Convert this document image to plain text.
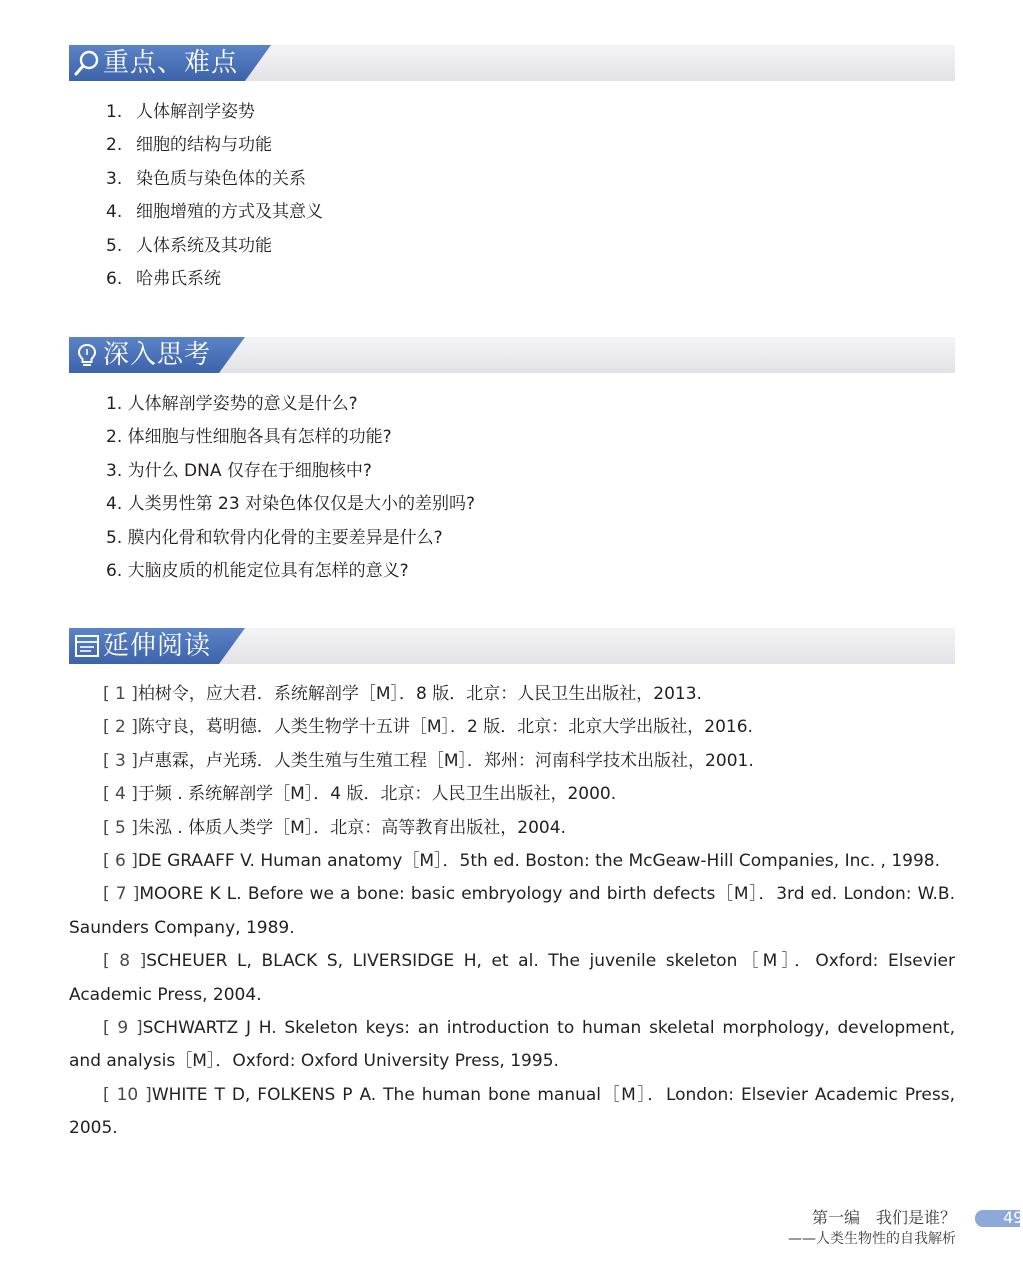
重点、难点
1. 人体解剖学姿势
2. 细胞的结构与功能
3. 染色质与染色体的关系
4. 细胞增殖的方式及其意义
5. 人体系统及其功能
6. 哈弗氏系统
深入思考
1. 人体解剖学姿势的意义是什么?
2. 体细胞与性细胞各具有怎样的功能?
3. 为什么 DNA 仅存在于细胞核中?
4. 人类男性第 23 对染色体仅仅是大小的差别吗?
5. 膜内化骨和软骨内化骨的主要差异是什么?
6. 大脑皮质的机能定位具有怎样的意义?
延伸阅读

[ 1 ]柏树令，应大君．系统解剖学［M］．8 版．北京：人民卫生出版社，2013.

[ 2 ]陈守良，葛明德．人类生物学十五讲［M］．2 版．北京：北京大学出版社，2016.

[ 3 ]卢惠霖，卢光琇．人类生殖与生殖工程［M］．郑州：河南科学技术出版社，2001.

[ 4 ]于频 . 系统解剖学［M］．4 版．北京：人民卫生出版社，2000.

[ 5 ]朱泓 . 体质人类学［M］．北京：高等教育出版社，2004.

[ 6 ]DE GRAAFF V. Human anatomy［M］．5th ed. Boston: the McGeaw-Hill Companies, Inc. , 1998.

[ 7 ]MOORE K L. Before we a bone: basic embryology and birth defects［M］．3rd ed. London: W.B. Saunders Company, 1989.

[ 8 ]SCHEUER L, BLACK S, LIVERSIDGE H, et al. The juvenile skeleton［M］．Oxford: Elsevier Academic Press, 2004.

[ 9 ]SCHWARTZ J H. Skeleton keys: an introduction to human skeletal morphology, development, and analysis［M］．Oxford: Oxford University Press, 1995.

[ 10 ]WHITE T D, FOLKENS P A. The human bone manual［M］．London: Elsevier Academic Press, 2005.

第一编　我们是谁？
——人类生物性的自我解析
49
